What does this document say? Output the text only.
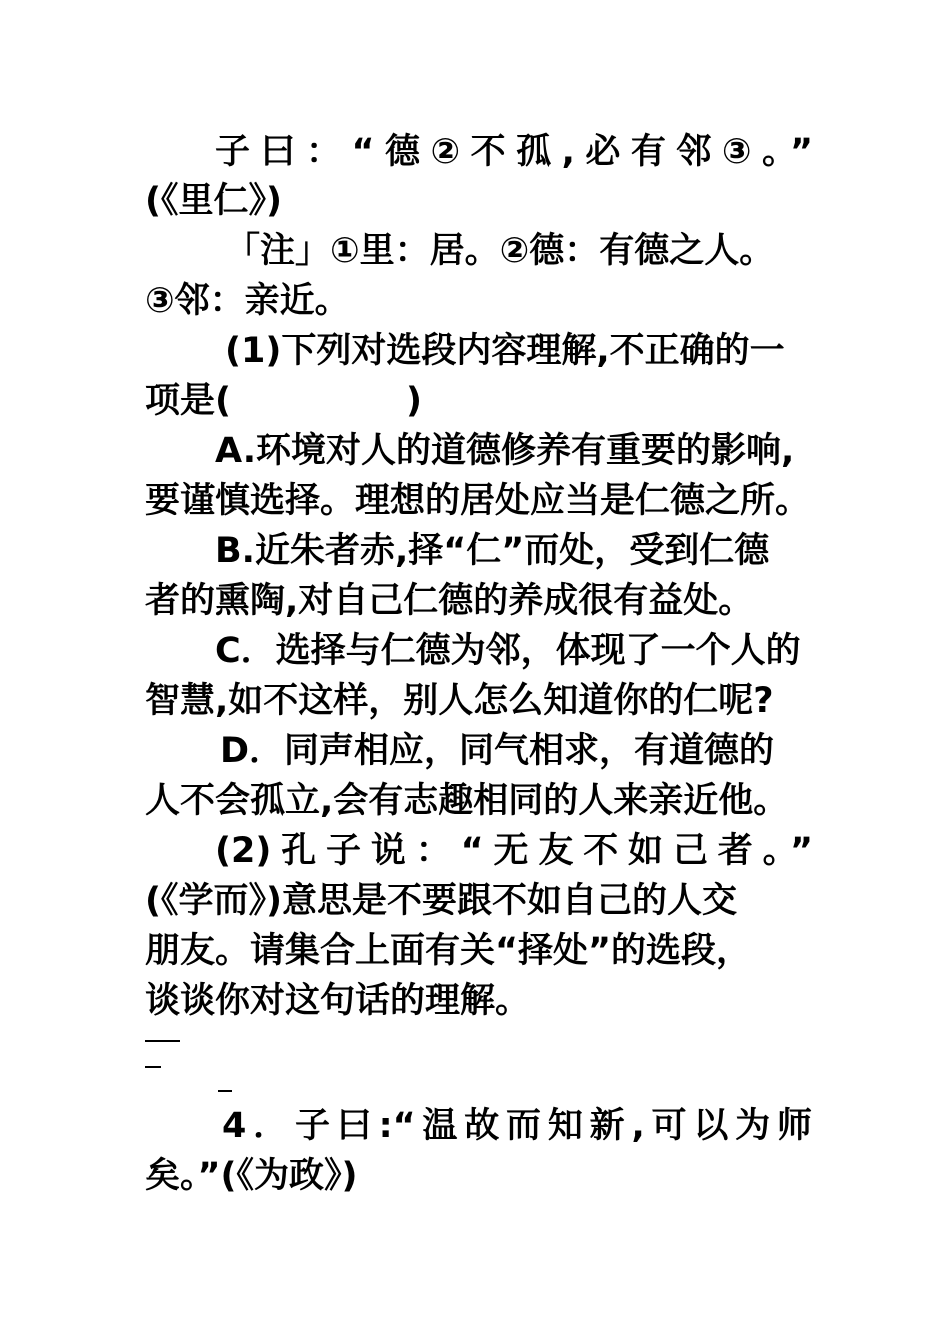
子曰：“德②不孤,必有邻③。”
(《里仁》)
「注」①里：居。②德：有德之人。
③邻：亲近。
(1)下列对选段内容理解,不正确的一
项是(　　　　　)
A.环境对人的道德修养有重要的影响,
要谨慎选择。理想的居处应当是仁德之所。
B.近朱者赤,择“仁”而处，受到仁德
者的熏陶,对自己仁德的养成很有益处。
C．选择与仁德为邻，体现了一个人的
智慧,如不这样，别人怎么知道你的仁呢?
D．同声相应，同气相求，有道德的
人不会孤立,会有志趣相同的人来亲近他。
(2)孔子说：“无友不如己者。”
(《学而》)意思是不要跟不如自己的人交
朋友。请集合上面有关“择处”的选段，
谈谈你对这句话的理解。
4．子曰:“温故而知新,可以为师
矣。”(《为政》)
